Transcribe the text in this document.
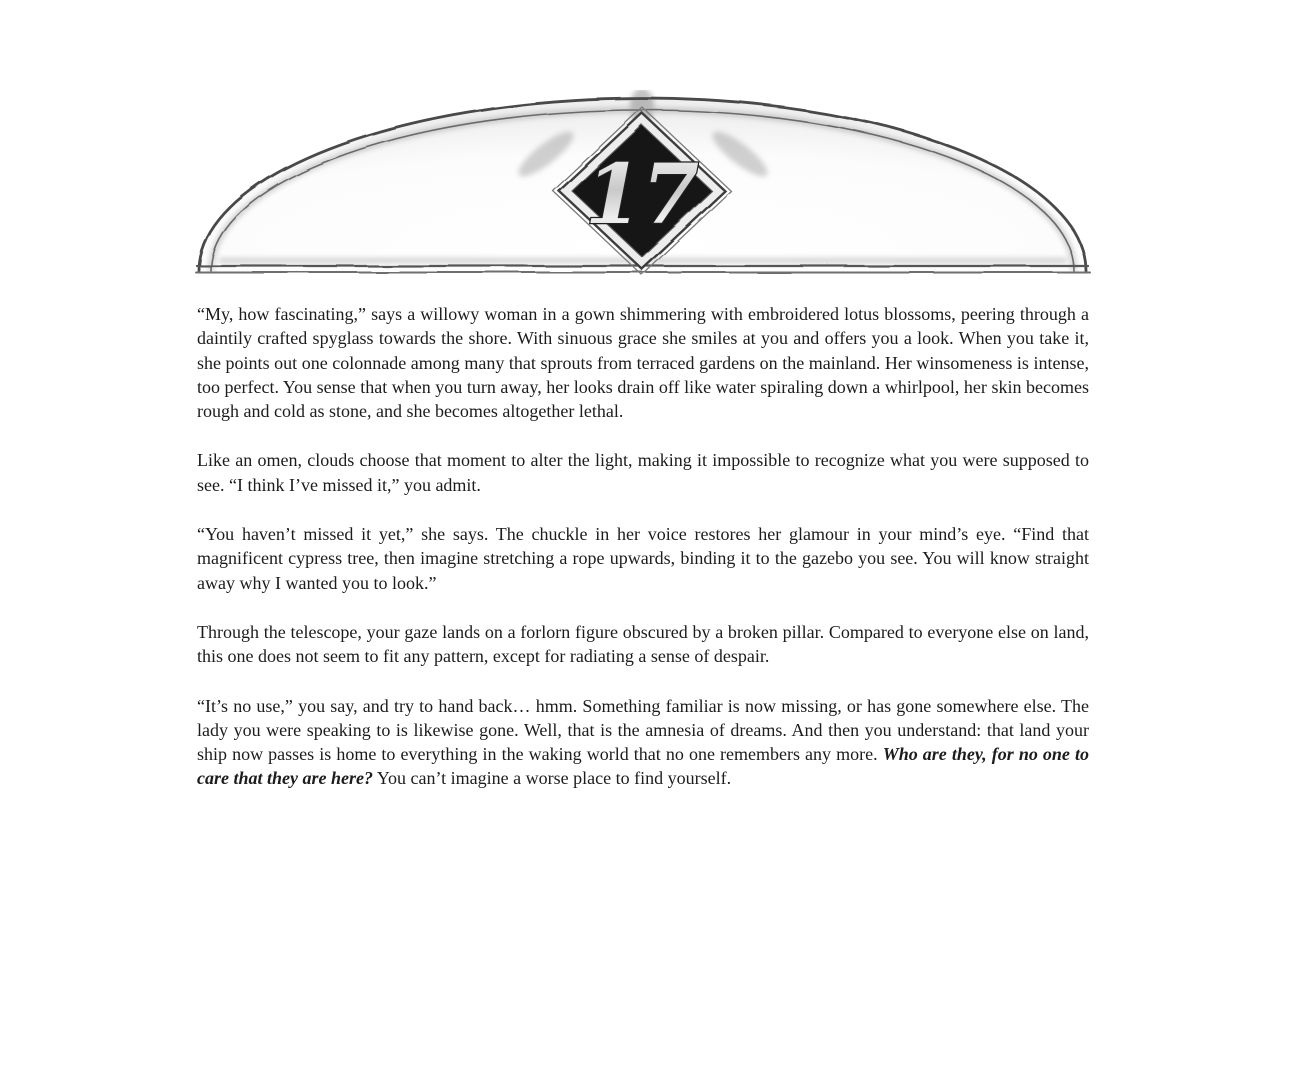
17

“My, how fascinating,” says a willowy woman in a gown shimmering with embroidered lotus blossoms, peering through a daintily crafted spyglass towards the shore. With sinuous grace she smiles at you and offers you a look. When you take it, she points out one colonnade among many that sprouts from terraced gardens on the mainland. Her winsomeness is intense, too perfect. You sense that when you turn away, her looks drain off like water spiraling down a whirlpool, her skin becomes rough and cold as stone, and she becomes altogether lethal.

Like an omen, clouds choose that moment to alter the light, making it impossible to recognize what you were supposed to see. “I think I’ve missed it,” you admit.

“You haven’t missed it yet,” she says. The chuckle in her voice restores her glamour in your mind’s eye. “Find that magnificent cypress tree, then imagine stretching a rope upwards, binding it to the gazebo you see. You will know straight away why I wanted you to look.”

Through the telescope, your gaze lands on a forlorn figure obscured by a broken pillar. Compared to everyone else on land, this one does not seem to fit any pattern, except for radiating a sense of despair.

“It’s no use,” you say, and try to hand back… hmm. Something familiar is now missing, or has gone somewhere else. The lady you were speaking to is likewise gone. Well, that is the amnesia of dreams. And then you understand: that land your ship now passes is home to everything in the waking world that no one remembers any more. Who are they, for no one to care that they are here? You can’t imagine a worse place to find yourself.
